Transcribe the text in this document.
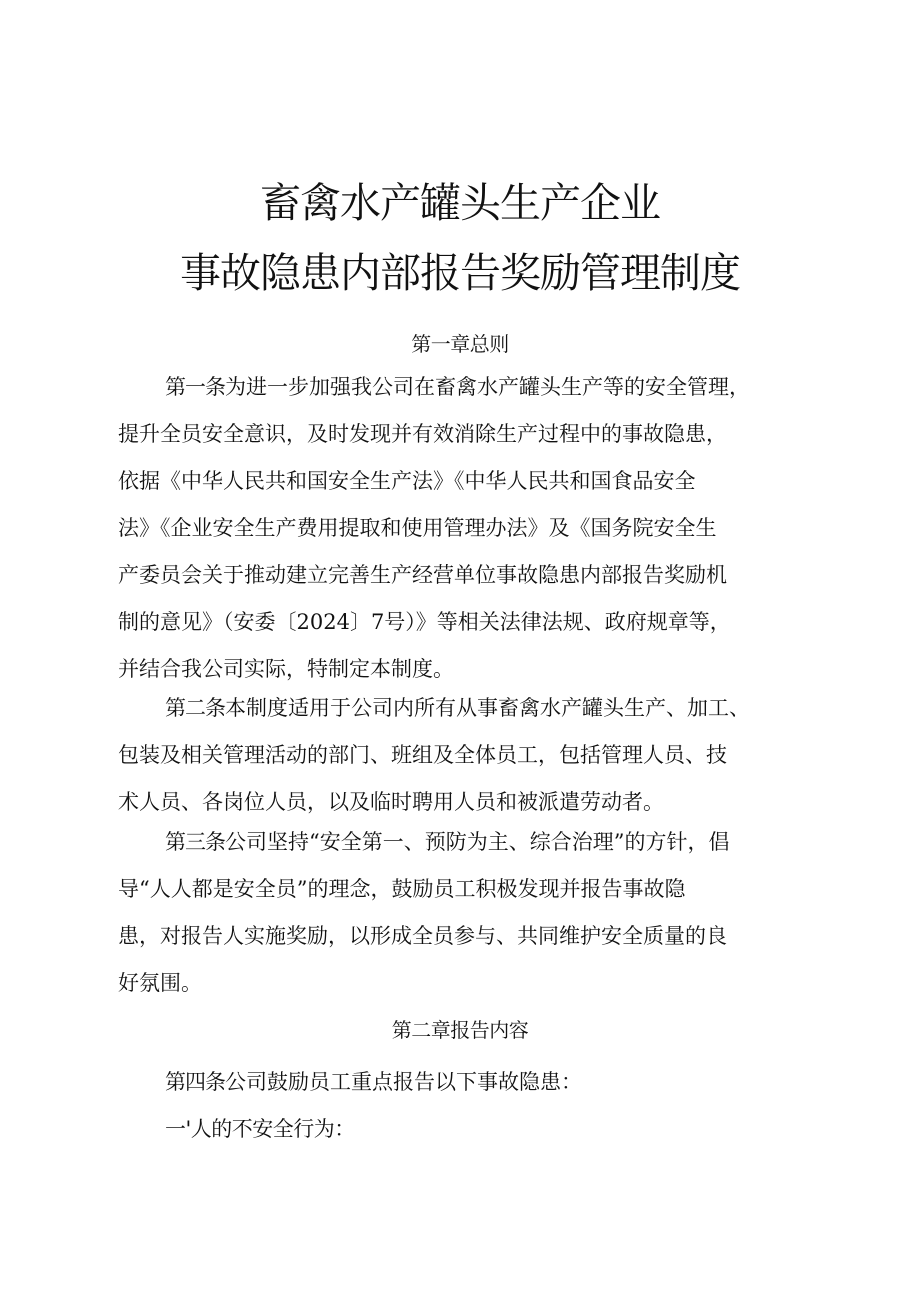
畜禽水产罐头生产企业
事故隐患内部报告奖励管理制度
第一章总则
第一条为进一步加强我公司在畜禽水产罐头生产等的安全管理，
提升全员安全意识，及时发现并有效消除生产过程中的事故隐患，
依据《中华人民共和国安全生产法》《中华人民共和国食品安全
法》《企业安全生产费用提取和使用管理办法》及《国务院安全生
产委员会关于推动建立完善生产经营单位事故隐患内部报告奖励机
制的意见》（安委〔2024〕7号）》等相关法律法规、政府规章等，
并结合我公司实际，特制定本制度。
第二条本制度适用于公司内所有从事畜禽水产罐头生产、加工、
包装及相关管理活动的部门、班组及全体员工，包括管理人员、技
术人员、各岗位人员，以及临时聘用人员和被派遣劳动者。
第三条公司坚持“安全第一、预防为主、综合治理”的方针，倡
导“人人都是安全员”的理念，鼓励员工积极发现并报告事故隐
患，对报告人实施奖励，以形成全员参与、共同维护安全质量的良
好氛围。
第二章报告内容
第四条公司鼓励员工重点报告以下事故隐患：
一'人的不安全行为：
